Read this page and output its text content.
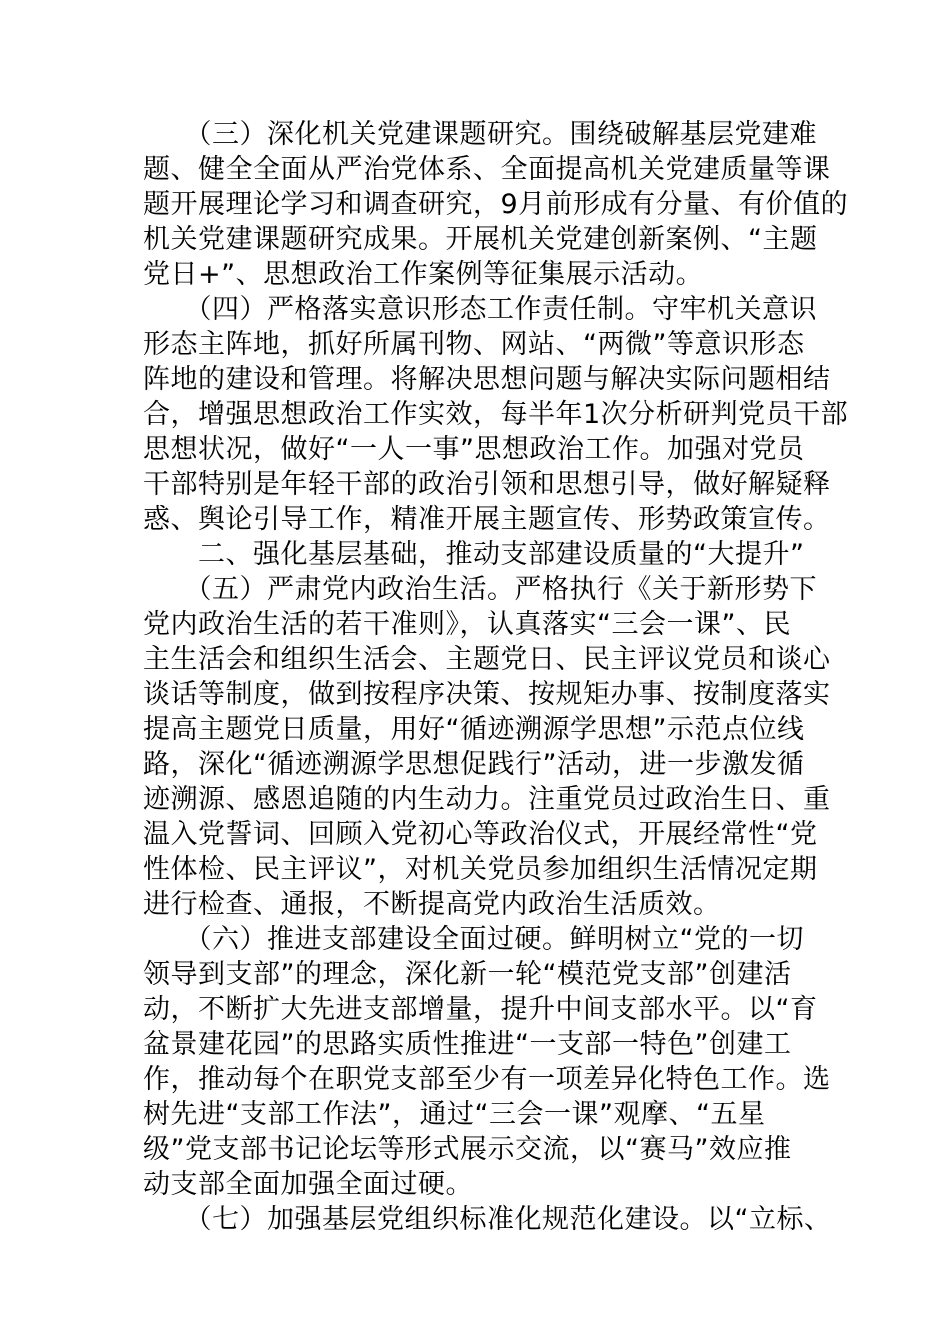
　　（三）深化机关党建课题研究。围绕破解基层党建难
题、健全全面从严治党体系、全面提高机关党建质量等课
题开展理论学习和调查研究，9月前形成有分量、有价值的
机关党建课题研究成果。开展机关党建创新案例、“主题
党日+”、思想政治工作案例等征集展示活动。
　　（四）严格落实意识形态工作责任制。守牢机关意识
形态主阵地，抓好所属刊物、网站、“两微”等意识形态
阵地的建设和管理。将解决思想问题与解决实际问题相结
合，增强思想政治工作实效，每半年1次分析研判党员干部
思想状况，做好“一人一事”思想政治工作。加强对党员
干部特别是年轻干部的政治引领和思想引导，做好解疑释
惑、舆论引导工作，精准开展主题宣传、形势政策宣传。
　　二、强化基层基础，推动支部建设质量的“大提升”
　　（五）严肃党内政治生活。严格执行《关于新形势下
党内政治生活的若干准则》，认真落实“三会一课”、民
主生活会和组织生活会、主题党日、民主评议党员和谈心
谈话等制度，做到按程序决策、按规矩办事、按制度落实
提高主题党日质量，用好“循迹溯源学思想”示范点位线
路，深化“循迹溯源学思想促践行”活动，进一步激发循
迹溯源、感恩追随的内生动力。注重党员过政治生日、重
温入党誓词、回顾入党初心等政治仪式，开展经常性“党
性体检、民主评议”，对机关党员参加组织生活情况定期
进行检查、通报，不断提高党内政治生活质效。
　　（六）推进支部建设全面过硬。鲜明树立“党的一切
领导到支部”的理念，深化新一轮“模范党支部”创建活
动，不断扩大先进支部增量，提升中间支部水平。以“育
盆景建花园”的思路实质性推进“一支部一特色”创建工
作，推动每个在职党支部至少有一项差异化特色工作。选
树先进“支部工作法”，通过“三会一课”观摩、“五星
级”党支部书记论坛等形式展示交流，以“赛马”效应推
动支部全面加强全面过硬。
　　（七）加强基层党组织标准化规范化建设。以“立标、
